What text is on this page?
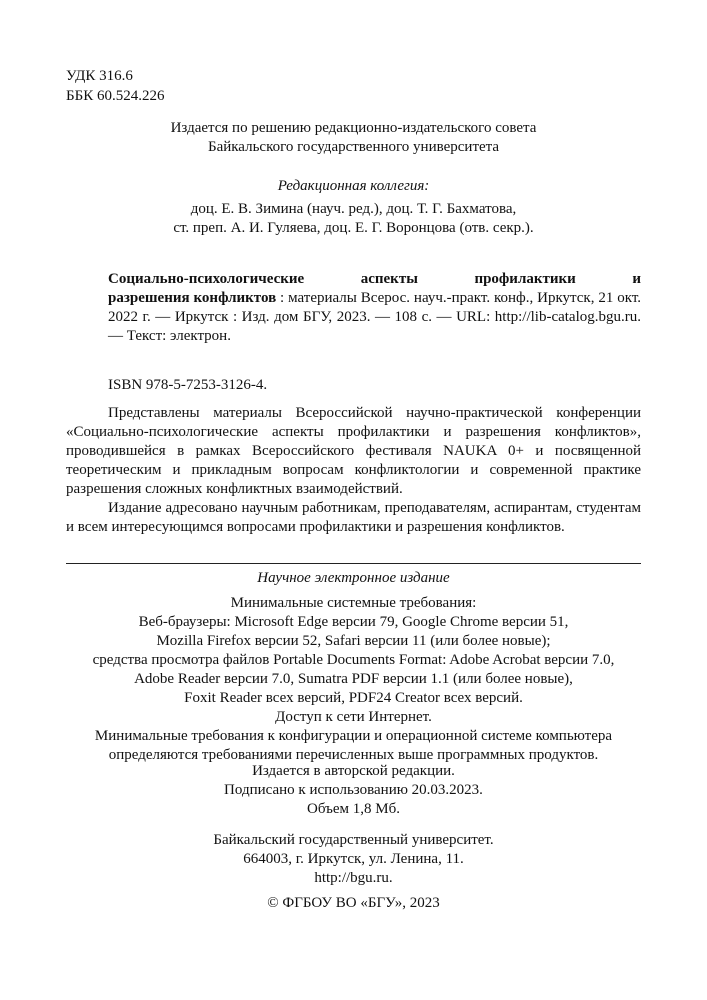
УДК 316.6
ББК 60.524.226
Издается по решению редакционно-издательского совета
Байкальского государственного университета
Редакционная коллегия:
доц. Е. В. Зимина (науч. ред.), доц. Т. Г. Бахматова,
ст. преп. А. И. Гуляева, доц. Е. Г. Воронцова (отв. секр.).

Социально-психологические аспекты профилактики и
разрешения конфликтов : материалы Всерос. науч.-практ. конф., Иркутск, 21 окт. 2022 г. — Иркутск : Изд. дом БГУ, 2023. — 108 с. — URL: http://lib-catalog.bgu.ru. — Текст: электрон.

ISBN 978-5-7253-3126-4.

Представлены материалы Всероссийской научно-практической конференции «Социально-психологические аспекты профилактики и разрешения конфликтов», проводившейся в рамках Всероссийского фестиваля NAUKA 0+ и посвященной теоретическим и прикладным вопросам конфликтологии и современной практике разрешения сложных конфликтных взаимодействий.

Издание адресовано научным работникам, преподавателям, аспирантам, студентам и всем интересующимся вопросами профилактики и разрешения конфликтов.

Научное электронное издание
Минимальные системные требования:
Веб-браузеры: Microsoft Edge версии 79, Google Chrome версии 51,
Mozilla Firefox версии 52, Safari версии 11 (или более новые);
средства просмотра файлов Portable Documents Format: Adobe Acrobat версии 7.0,
Adobe Reader версии 7.0, Sumatra PDF версии 1.1 (или более новые),
Foxit Reader всех версий, PDF24 Creator всех версий.
Доступ к сети Интернет.
Минимальные требования к конфигурации и операционной системе компьютера
определяются требованиями перечисленных выше программных продуктов.
Издается в авторской редакции.
Подписано к использованию 20.03.2023.
Объем 1,8 Мб.
Байкальский государственный университет.
664003, г. Иркутск, ул. Ленина, 11.
http://bgu.ru.
© ФГБОУ ВО «БГУ», 2023
